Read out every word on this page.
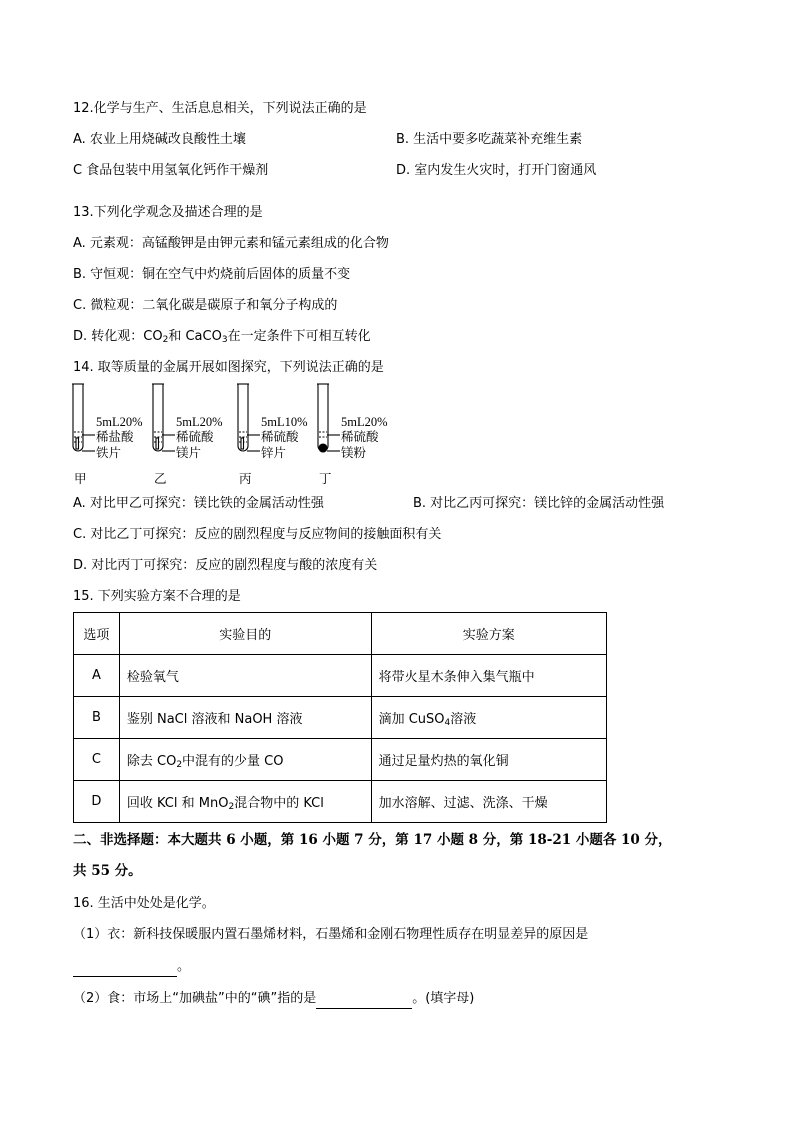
12.化学与生产、生活息息相关，下列说法正确的是
A. 农业上用烧碱改良酸性土壤	B. 生活中要多吃蔬菜补充维生素
C 食品包装中用氢氧化钙作干燥剂	D. 室内发生火灾时，打开门窗通风
13.下列化学观念及描述合理的是
A. 元素观：高锰酸钾是由钾元素和锰元素组成的化合物
B. 守恒观：铜在空气中灼烧前后固体的质量不变
C. 微粒观：二氧化碳是碳原子和氧分子构成的
D. 转化观：$CO_2$和 CaCO$_3$在一定条件下可相互转化
14. 取等质量的金属开展如图探究，下列说法正确的是
5mL20%
稀盐酸
铁片
甲
5mL20%
稀硫酸
镁片
乙
5mL10%
稀硫酸
锌片
丙
5mL20%
稀硫酸
镁粉
丁
A. 对比甲乙可探究：镁比铁的金属活动性强	B. 对比乙丙可探究：镁比锌的金属活动性强
C. 对比乙丁可探究：反应的剧烈程度与反应物间的接触面积有关
D. 对比丙丁可探究：反应的剧烈程度与酸的浓度有关
15. 下列实验方案不合理的是
选项	实验目的	实验方案
A	检验氧气	将带火星木条伸入集气瓶中
B	鉴别 NaCl 溶液和 NaOH 溶液	滴加 CuSO$_4$溶液
C	除去 $CO_2$中混有的少量 CO	通过足量灼热的氧化铜
D	回收 KCl 和 MnO$_2$混合物中的 KCl	加水溶解、过滤、洗涤、干燥
二、非选择题：本大题共 6 小题，第 16 小题 7 分，第 17 小题 8 分，第 18-21 小题各 10 分，
共 55 分。
16. 生活中处处是化学。
（1）衣：新科技保暖服内置石墨烯材料，石墨烯和金刚石物理性质存在明显差异的原因是
。
（2）食：市场上“加碘盐”中的“碘”指的是	。(填字母)
